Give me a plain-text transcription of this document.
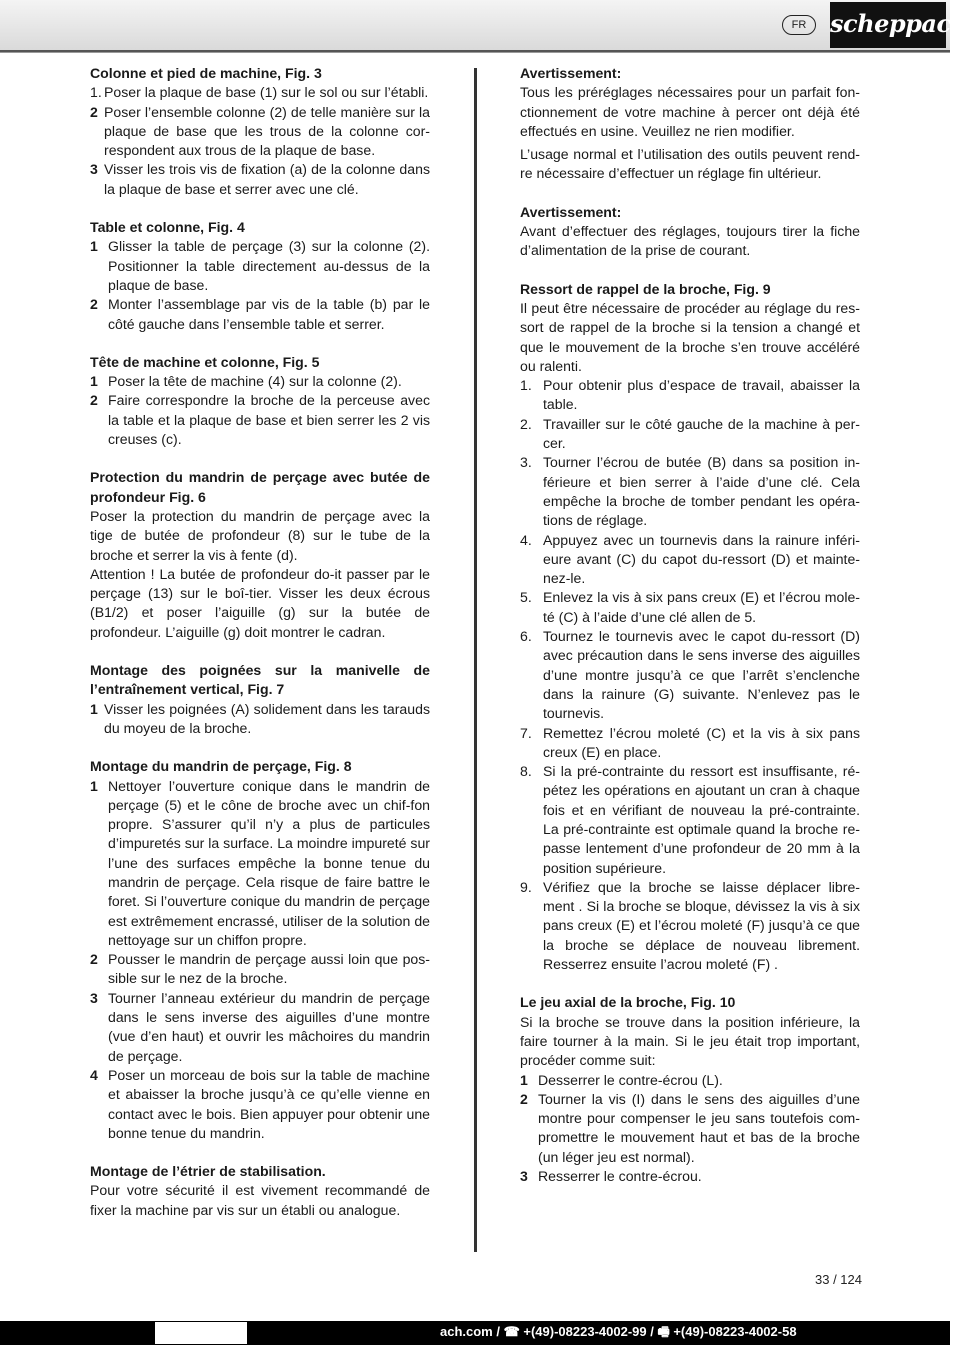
FR scheppach
Colonne et pied de machine, Fig. 3
1. Poser la plaque de base (1) sur le sol ou sur l’établi.
2 Poser l’ensemble colonne (2) de telle manière sur la plaque de base que les trous de la colonne cor-respondent aux trous de la plaque de base.
3 Visser les trois vis de fixation (a) de la colonne dans la plaque de base et serrer avec une clé.
Table et colonne, Fig. 4
1 Glisser la table de perçage (3) sur la colonne (2). Positionner la table directement au-dessus de la plaque de base.
2 Monter l’assemblage par vis de la table (b) par le côté gauche dans l’ensemble table et serrer.
Tête de machine et colonne, Fig. 5
1 Poser la tête de machine (4) sur la colonne (2).
2 Faire correspondre la broche de la perceuse avec la table et la plaque de base et bien serrer les 2 vis creuses (c).
Protection du mandrin de perçage avec butée de profondeur Fig. 6
Poser la protection du mandrin de perçage avec la tige de butée de profondeur (8) sur le tube de la broche et serrer la vis à fente (d).
Attention ! La butée de profondeur do-it passer par le perçage (13) sur le boî-tier. Visser les deux écrous (B1/2) et poser l’aiguille (g) sur la butée de profondeur. L’aiguille (g) doit montrer le cadran.
Montage des poignées sur la manivelle de l’entraînement vertical, Fig. 7
1 Visser les poignées (A) solidement dans les tarauds du moyeu de la broche.
Montage du mandrin de perçage, Fig. 8
1 Nettoyer l’ouverture conique dans le mandrin de perçage (5) et le cône de broche avec un chif-fon propre. S’assurer qu’il n’y a plus de particules d’impuretés sur la surface. La moindre impureté sur l’une des surfaces empêche la bonne tenue du mandrin de perçage. Cela risque de faire battre le foret. Si l’ouverture conique du mandrin de perçage est extrêmement encrassé, utiliser de la solution de nettoyage sur un chiffon propre.
2 Pousser le mandrin de perçage aussi loin que pos-sible sur le nez de la broche.
3 Tourner l’anneau extérieur du mandrin de perçage dans le sens inverse des aiguilles d’une montre (vue d’en haut) et ouvrir les mâchoires du mandrin de perçage.
4 Poser un morceau de bois sur la table de machine et abaisser la broche jusqu’à ce qu’elle vienne en contact avec le bois. Bien appuyer pour obtenir une bonne tenue du mandrin.
Montage de l’étrier de stabilisation.
Pour votre sécurité il est vivement recommandé de fixer la machine par vis sur un établi ou analogue.
Avertissement:
Tous les préréglages nécessaires pour un parfait fon-ctionnement de votre machine à percer ont déjà été effectués en usine. Veuillez ne rien modifier.
L’usage normal et l’utilisation des outils peuvent rend-re nécessaire d’effectuer un réglage fin ultérieur.
Avertissement:
Avant d’effectuer des réglages, toujours tirer la fiche d’alimentation de la prise de courant.
Ressort de rappel de la broche, Fig. 9
Il peut être nécessaire de procéder au réglage du res-sort de rappel de la broche si la tension a changé et que le mouvement de la broche s’en trouve accéléré ou ralenti.
1. Pour obtenir plus d’espace de travail, abaisser la table.
2. Travailler sur le côté gauche de la machine à per-cer.
3. Tourner l’écrou de butée (B) dans sa position in-férieure et bien serrer à l’aide d’une clé. Cela empêche la broche de tomber pendant les opéra-tions de réglage.
4. Appuyez avec un tournevis dans la rainure inféri-eure avant (C) du capot du-ressort (D) et mainte-nez-le.
5. Enlevez la vis à six pans creux (E) et l’écrou mole-té (C) à l’aide d’une clé allen de 5.
6. Tournez le tournevis avec le capot du-ressort (D) avec précaution dans le sens inverse des aiguilles d’une montre jusqu’à ce que l’arrêt s’enclenche dans la rainure (G) suivante. N’enlevez pas le tournevis.
7. Remettez l’écrou moleté (C) et la vis à six pans creux (E) en place.
8. Si la pré-contrainte du ressort est insuffisante, ré-pétez les opérations en ajoutant un cran à chaque fois et en vérifiant de nouveau la pré-contrainte. La pré-contrainte est optimale quand la broche re-passe lentement d’une profondeur de 20 mm à la position supérieure.
9. Vérifiez que la broche se laisse déplacer libre-ment . Si la broche se bloque, dévissez la vis à six pans creux (E) et l’écrou moleté (F) jusqu’à ce que la broche se déplace de nouveau librement. Resserrez ensuite l’acrou moleté (F) .
Le jeu axial de la broche, Fig. 10
Si la broche se trouve dans la position inférieure, la faire tourner à la main. Si le jeu était trop important, procéder comme suit:
1 Desserrer le contre-écrou (L).
2 Tourner la vis (I) dans le sens des aiguilles d’une montre pour compenser le jeu sans toutefois com-promettre le mouvement haut et bas de la broche (un léger jeu est normal).
3 Resserrer le contre-écrou.
33 / 124
ach.com / ☎ +(49)-08223-4002-99 / 🖷 +(49)-08223-4002-58
